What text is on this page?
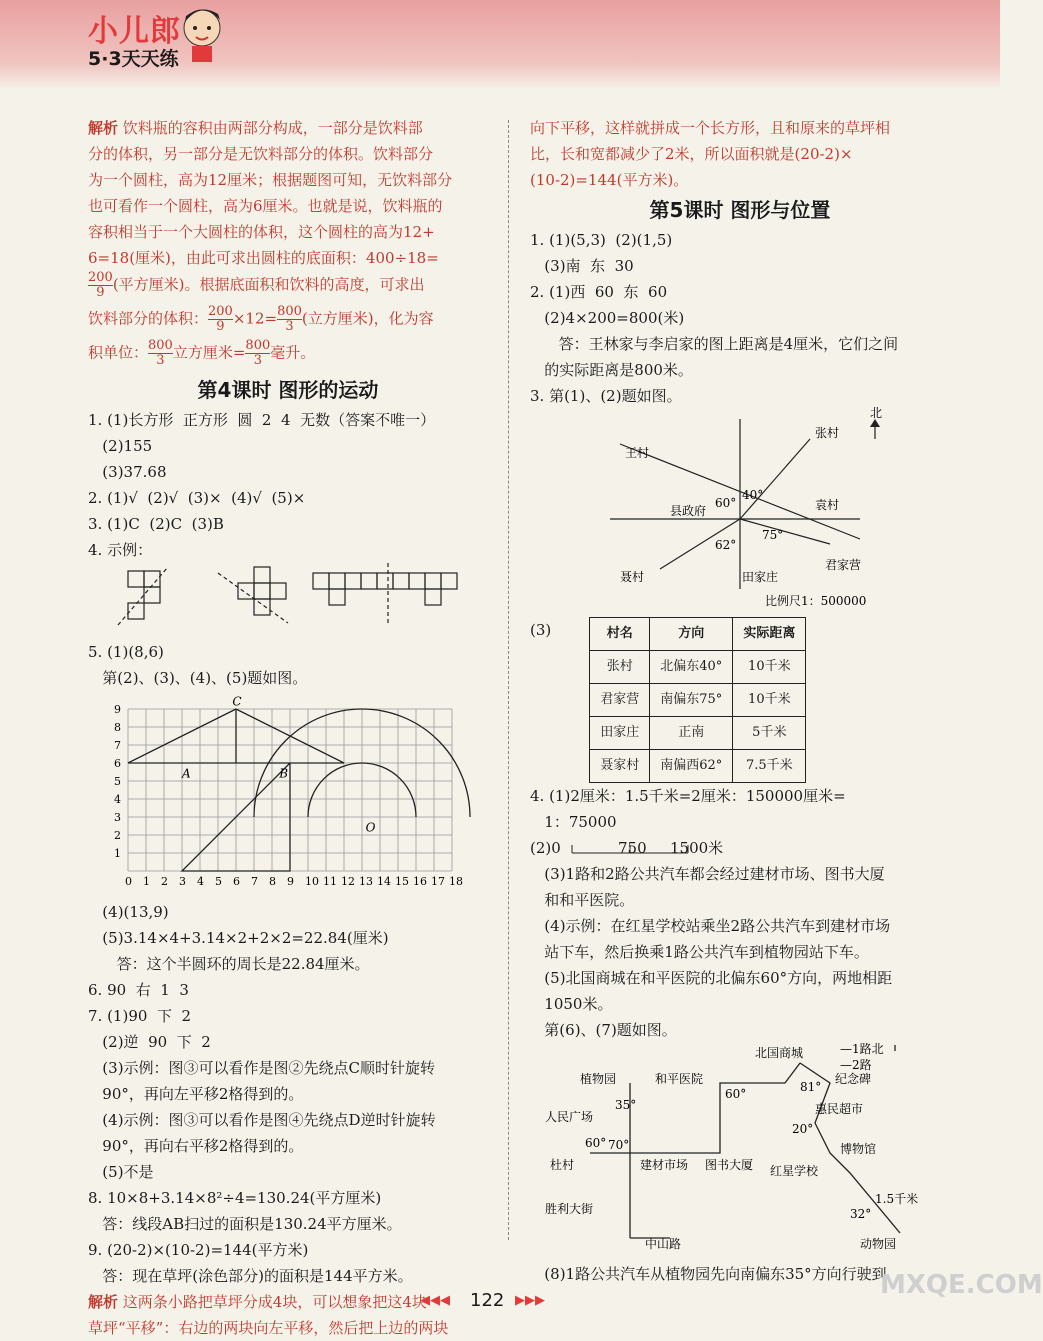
小儿郎
5·3天天练
解析 饮料瓶的容积由两部分构成，一部分是饮料部
分的体积，另一部分是无饮料部分的体积。饮料部分
为一个圆柱，高为12厘米；根据题图可知，无饮料部分
也可看作一个圆柱，高为6厘米。也就是说，饮料瓶的
容积相当于一个大圆柱的体积，这个圆柱的高为12+
6=18(厘米)，由此可求出圆柱的底面积：400÷18=
$\frac{200}{9}$ (平方厘米)。根据底面积和饮料的高度，可求出
饮料部分的体积： $\frac{200}{9} \times 12= \frac{800}{3}$ (立方厘米)，化为容
积单位： $\frac{800}{3}$ 立方厘米= $\frac{800}{3}$ 毫升。
第4课时 图形的运动
1. (1)长方形  正方形  圆  2  4  无数（答案不唯一）
(2)155
(3)37.68
2. (1)√  (2)√  (3)×  (4)√  (5)×
3. (1)C  (2)C  (3)B
4. 示例：
5. (1)(8,6)
第(2)、(3)、(4)、(5)题如图。
9
8
7
6
5
4
3
2
1
0 1 2 3 4 5 6 7 8 9 10 11 12 13 14 15 16 17 18
C
A	B
O
(4)(13,9)
(5)3.14×4+3.14×2+2×2=22.84(厘米)
答：这个半圆环的周长是22.84厘米。
6. 90  右  1  3
7. (1)90  下  2
(2)逆  90  下  2
(3)示例：图③可以看作是图②先绕点C顺时针旋转
90°，再向左平移2格得到的。
(4)示例：图③可以看作是图④先绕点D逆时针旋转
90°，再向右平移2格得到的。
(5)不是
8. 10×8+3.14×8²÷4=130.24(平方厘米)
答：线段AB扫过的面积是130.24平方厘米。
9. (20-2)×(10-2)=144(平方米)
答：现在草坪(涂色部分)的面积是144平方米。
解析 这两条小路把草坪分成4块，可以想象把这4块
草坪“平移”：右边的两块向左平移，然后把上边的两块
向下平移，这样就拼成一个长方形，且和原来的草坪相
比，长和宽都减少了2米，所以面积就是(20-2)×
(10-2)=144(平方米)。
第5课时 图形与位置
1. (1)(5,3)  (2)(1,5)
(3)南  东  30
2. (1)西  60  东  60
(2)4×200=800(米)
答：王林家与李启家的图上距离是4厘米，它们之间
的实际距离是800米。
3. 第(1)、(2)题如图。
北
王村
张村
县政府	袁村
聂村	田家庄
君家营
60°
40°
62°
75°
比例尺1：500000
(3)	村名	方向	实际距离
张村	北偏东40°	10千米
君家营	南偏东75°	10千米
田家庄	正南	5千米
聂家村	南偏西62°	7.5千米
4. (1)2厘米：1.5千米=2厘米：150000厘米=
1：75000
(2)0	750 1500米
(3)1路和2路公共汽车都会经过建材市场、图书大厦
和和平医院。
(4)示例：在红星学校站乘坐2路公共汽车到建材市场
站下车，然后换乘1路公共汽车到植物园站下车。
(5)北国商城在和平医院的北偏东60°方向，两地相距
1050米。
第(6)、(7)题如图。
—1路北
—2路
北国商城
纪念碑
和平医院
植物园
惠民超市
人民广场
博物馆
杜村	建材市场 图书大厦 红星学校
胜利大街
中山路	动物园
1.5千米
60°	81°
35°
20°
70°
60°
32°
(8)1路公共汽车从植物园先向南偏东35°方向行驶到
◀◀◀ 122 ▶▶▶
MXQE.COM
